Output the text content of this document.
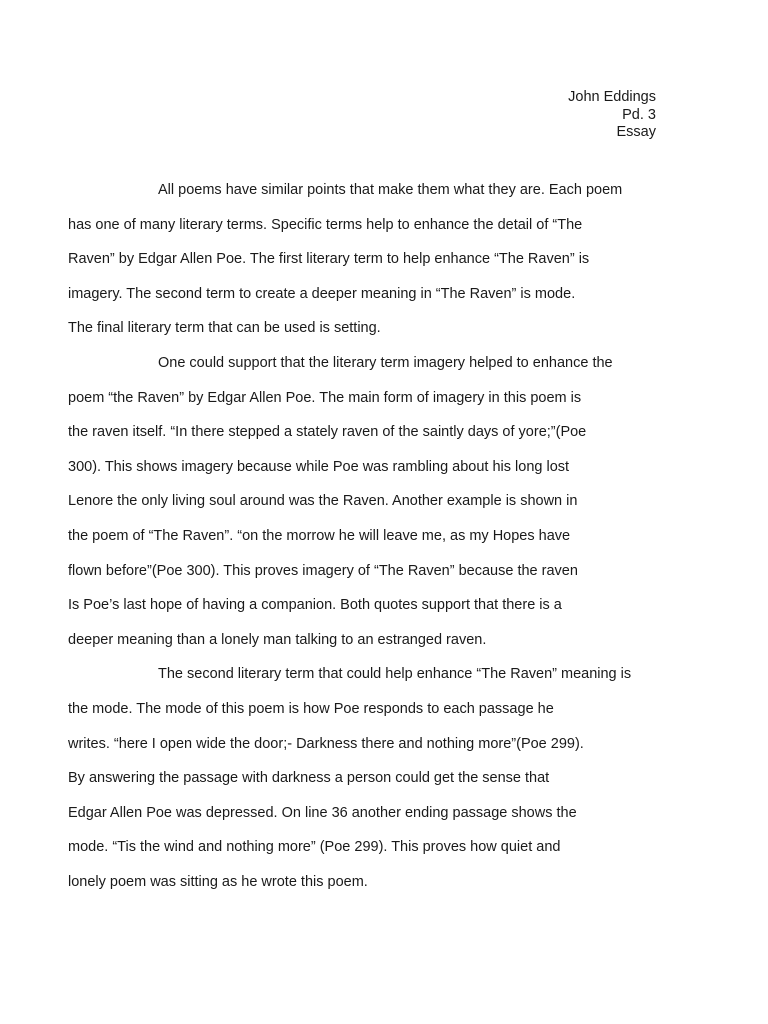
John Eddings
Pd. 3
Essay

All poems have similar points that make them what they are. Each poem
has one of many literary terms. Specific terms help to enhance the detail of “The
Raven” by Edgar Allen Poe. The first literary term to help enhance “The Raven” is
imagery. The second term to create a deeper meaning in “The Raven” is mode.
The final literary term that can be used is setting.

One could support that the literary term imagery helped to enhance the
poem “the Raven” by Edgar Allen Poe. The main form of imagery in this poem is
the raven itself. “In there stepped a stately raven of the saintly days of yore;”(Poe
300). This shows imagery because while Poe was rambling about his long lost
Lenore the only living soul around was the Raven. Another example is shown in
the poem of “The Raven”. “on the morrow he will leave me, as my Hopes have
flown before”(Poe 300). This proves imagery of “The Raven” because the raven
Is Poe’s last hope of having a companion. Both quotes support that there is a
deeper meaning than a lonely man talking to an estranged raven.

The second literary term that could help enhance “The Raven” meaning is
the mode. The mode of this poem is how Poe responds to each passage he
writes. “here I open wide the door;- Darkness there and nothing more”(Poe 299).
By answering the passage with darkness a person could get the sense that
Edgar Allen Poe was depressed. On line 36 another ending passage shows the
mode. “Tis the wind and nothing more” (Poe 299). This proves how quiet and
lonely poem was sitting as he wrote this poem.
